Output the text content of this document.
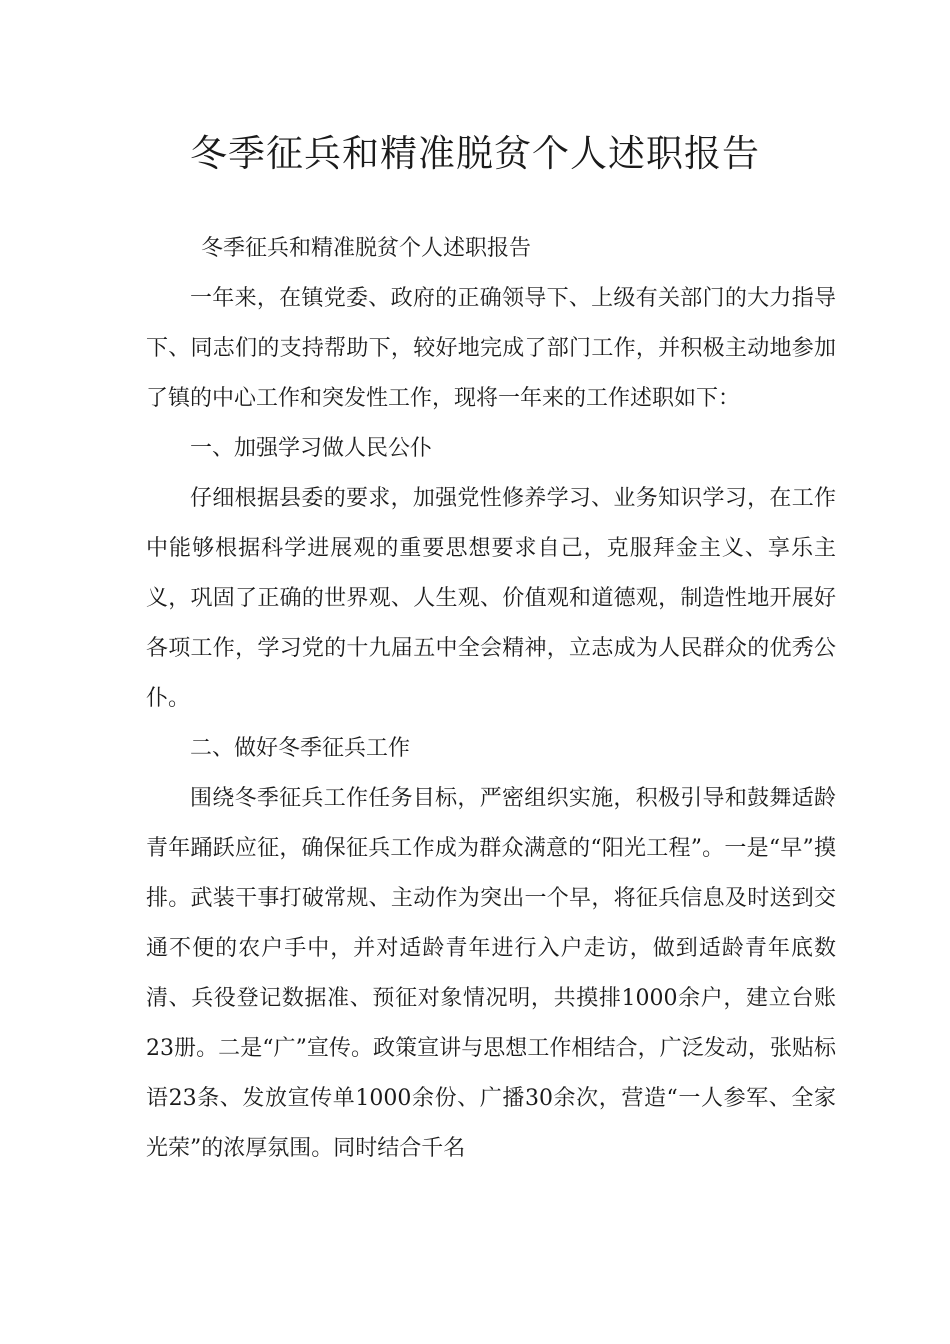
冬季征兵和精准脱贫个人述职报告

冬季征兵和精准脱贫个人述职报告

一年来，在镇党委、政府的正确领导下、上级有关部门的大力指导下、同志们的支持帮助下，较好地完成了部门工作，并积极主动地参加了镇的中心工作和突发性工作，现将一年来的工作述职如下：

一、加强学习做人民公仆

仔细根据县委的要求，加强党性修养学习、业务知识学习，在工作中能够根据科学进展观的重要思想要求自己，克服拜金主义、享乐主义，巩固了正确的世界观、人生观、价值观和道德观，制造性地开展好各项工作，学习党的十九届五中全会精神，立志成为人民群众的优秀公仆。

二、做好冬季征兵工作

围绕冬季征兵工作任务目标，严密组织实施，积极引导和鼓舞适龄青年踊跃应征，确保征兵工作成为群众满意的“阳光工程”。一是“早”摸排。武装干事打破常规、主动作为突出一个早，将征兵信息及时送到交通不便的农户手中，并对适龄青年进行入户走访，做到适龄青年底数清、兵役登记数据准、预征对象情况明，共摸排1000余户，建立台账23册。二是“广”宣传。政策宣讲与思想工作相结合，广泛发动，张贴标语23条、发放宣传单1000余份、广播30余次，营造“一人参军、全家光荣”的浓厚氛围。同时结合千名
